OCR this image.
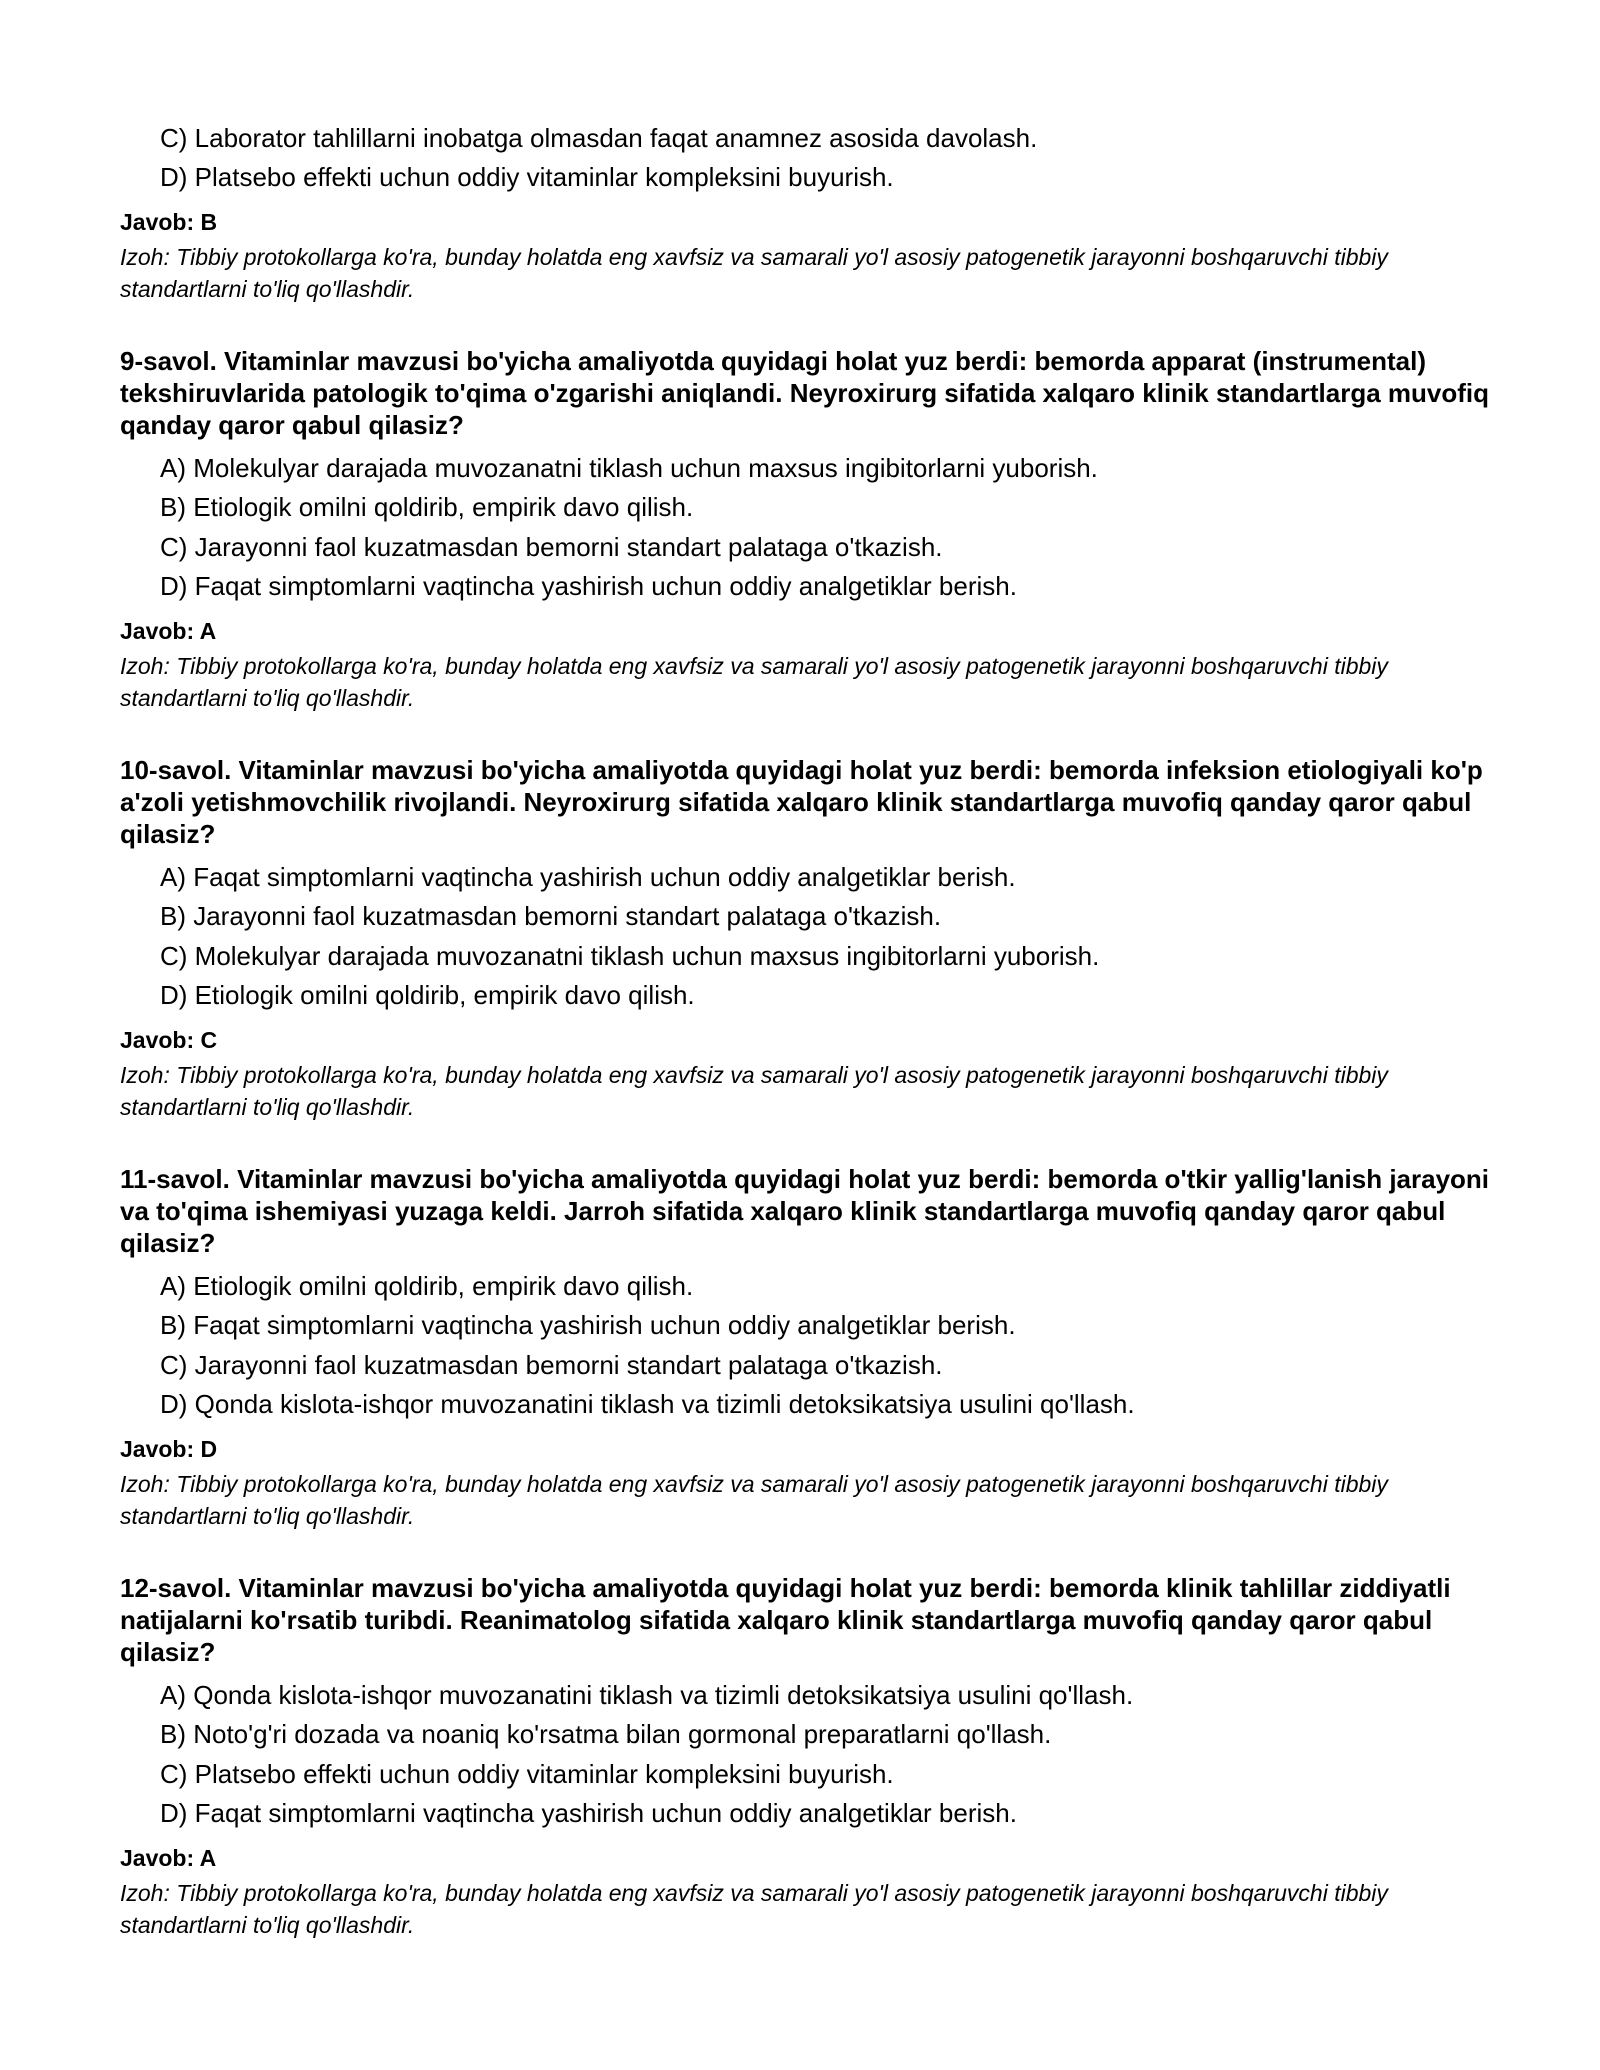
C) Laborator tahlillarni inobatga olmasdan faqat anamnez asosida davolash.
D) Platsebo effekti uchun oddiy vitaminlar kompleksini buyurish.
Javob: B
Izoh: Tibbiy protokollarga ko'ra, bunday holatda eng xavfsiz va samarali yo'l asosiy patogenetik jarayonni boshqaruvchi tibbiy standartlarni to'liq qo'llashdir.
9-savol. Vitaminlar mavzusi bo'yicha amaliyotda quyidagi holat yuz berdi: bemorda apparat (instrumental) tekshiruvlarida patologik to'qima o'zgarishi aniqlandi. Neyroxirurg sifatida xalqaro klinik standartlarga muvofiq qanday qaror qabul qilasiz?
A) Molekulyar darajada muvozanatni tiklash uchun maxsus ingibitorlarni yuborish.
B) Etiologik omilni qoldirib, empirik davo qilish.
C) Jarayonni faol kuzatmasdan bemorni standart palataga o'tkazish.
D) Faqat simptomlarni vaqtincha yashirish uchun oddiy analgetiklar berish.
Javob: A
Izoh: Tibbiy protokollarga ko'ra, bunday holatda eng xavfsiz va samarali yo'l asosiy patogenetik jarayonni boshqaruvchi tibbiy standartlarni to'liq qo'llashdir.
10-savol. Vitaminlar mavzusi bo'yicha amaliyotda quyidagi holat yuz berdi: bemorda infeksion etiologiyali ko'p a'zoli yetishmovchilik rivojlandi. Neyroxirurg sifatida xalqaro klinik standartlarga muvofiq qanday qaror qabul qilasiz?
A) Faqat simptomlarni vaqtincha yashirish uchun oddiy analgetiklar berish.
B) Jarayonni faol kuzatmasdan bemorni standart palataga o'tkazish.
C) Molekulyar darajada muvozanatni tiklash uchun maxsus ingibitorlarni yuborish.
D) Etiologik omilni qoldirib, empirik davo qilish.
Javob: C
Izoh: Tibbiy protokollarga ko'ra, bunday holatda eng xavfsiz va samarali yo'l asosiy patogenetik jarayonni boshqaruvchi tibbiy standartlarni to'liq qo'llashdir.
11-savol. Vitaminlar mavzusi bo'yicha amaliyotda quyidagi holat yuz berdi: bemorda o'tkir yallig'lanish jarayoni va to'qima ishemiyasi yuzaga keldi. Jarroh sifatida xalqaro klinik standartlarga muvofiq qanday qaror qabul qilasiz?
A) Etiologik omilni qoldirib, empirik davo qilish.
B) Faqat simptomlarni vaqtincha yashirish uchun oddiy analgetiklar berish.
C) Jarayonni faol kuzatmasdan bemorni standart palataga o'tkazish.
D) Qonda kislota-ishqor muvozanatini tiklash va tizimli detoksikatsiya usulini qo'llash.
Javob: D
Izoh: Tibbiy protokollarga ko'ra, bunday holatda eng xavfsiz va samarali yo'l asosiy patogenetik jarayonni boshqaruvchi tibbiy standartlarni to'liq qo'llashdir.
12-savol. Vitaminlar mavzusi bo'yicha amaliyotda quyidagi holat yuz berdi: bemorda klinik tahlillar ziddiyatli natijalarni ko'rsatib turibdi. Reanimatolog sifatida xalqaro klinik standartlarga muvofiq qanday qaror qabul qilasiz?
A) Qonda kislota-ishqor muvozanatini tiklash va tizimli detoksikatsiya usulini qo'llash.
B) Noto'g'ri dozada va noaniq ko'rsatma bilan gormonal preparatlarni qo'llash.
C) Platsebo effekti uchun oddiy vitaminlar kompleksini buyurish.
D) Faqat simptomlarni vaqtincha yashirish uchun oddiy analgetiklar berish.
Javob: A
Izoh: Tibbiy protokollarga ko'ra, bunday holatda eng xavfsiz va samarali yo'l asosiy patogenetik jarayonni boshqaruvchi tibbiy standartlarni to'liq qo'llashdir.
